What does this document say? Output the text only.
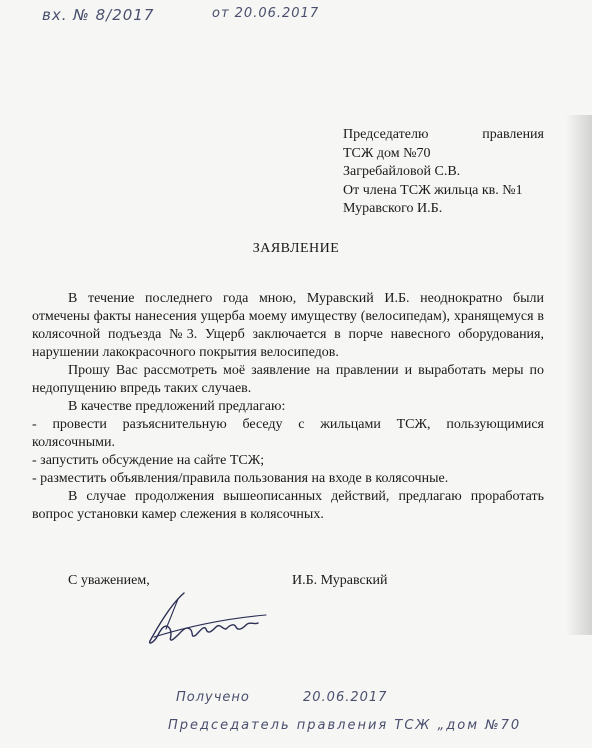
вх. № 8/2017	от 20.06.2017
Председателю	правления
ТСЖ дом №70
Загребайловой С.В.
От члена ТСЖ жильца кв. №1
Муравского И.Б.
ЗАЯВЛЕНИЕ

В течение последнего года мною, Муравский И.Б. неоднократно были отмечены факты нанесения ущерба моему имуществу (велосипедам), хранящемуся в колясочной подъезда №3. Ущерб заключается в порче навесного оборудования, нарушении лакокрасочного покрытия велосипедов.

Прошу Вас рассмотреть моё заявление на правлении и выработать меры по недопущению впредь таких случаев.

В качестве предложений предлагаю:

- провести разъяснительную беседу с жильцами ТСЖ, пользующимися колясочными.

- запустить обсуждение на сайте ТСЖ;

- разместить объявления/правила пользования на входе в колясочные.

В случае продолжения вышеописанных действий, предлагаю проработать вопрос установки камер слежения в колясочных.

С уважением,	И.Б. Муравский
Получено	20.06.2017
Председатель правления ТСЖ „дом №70
